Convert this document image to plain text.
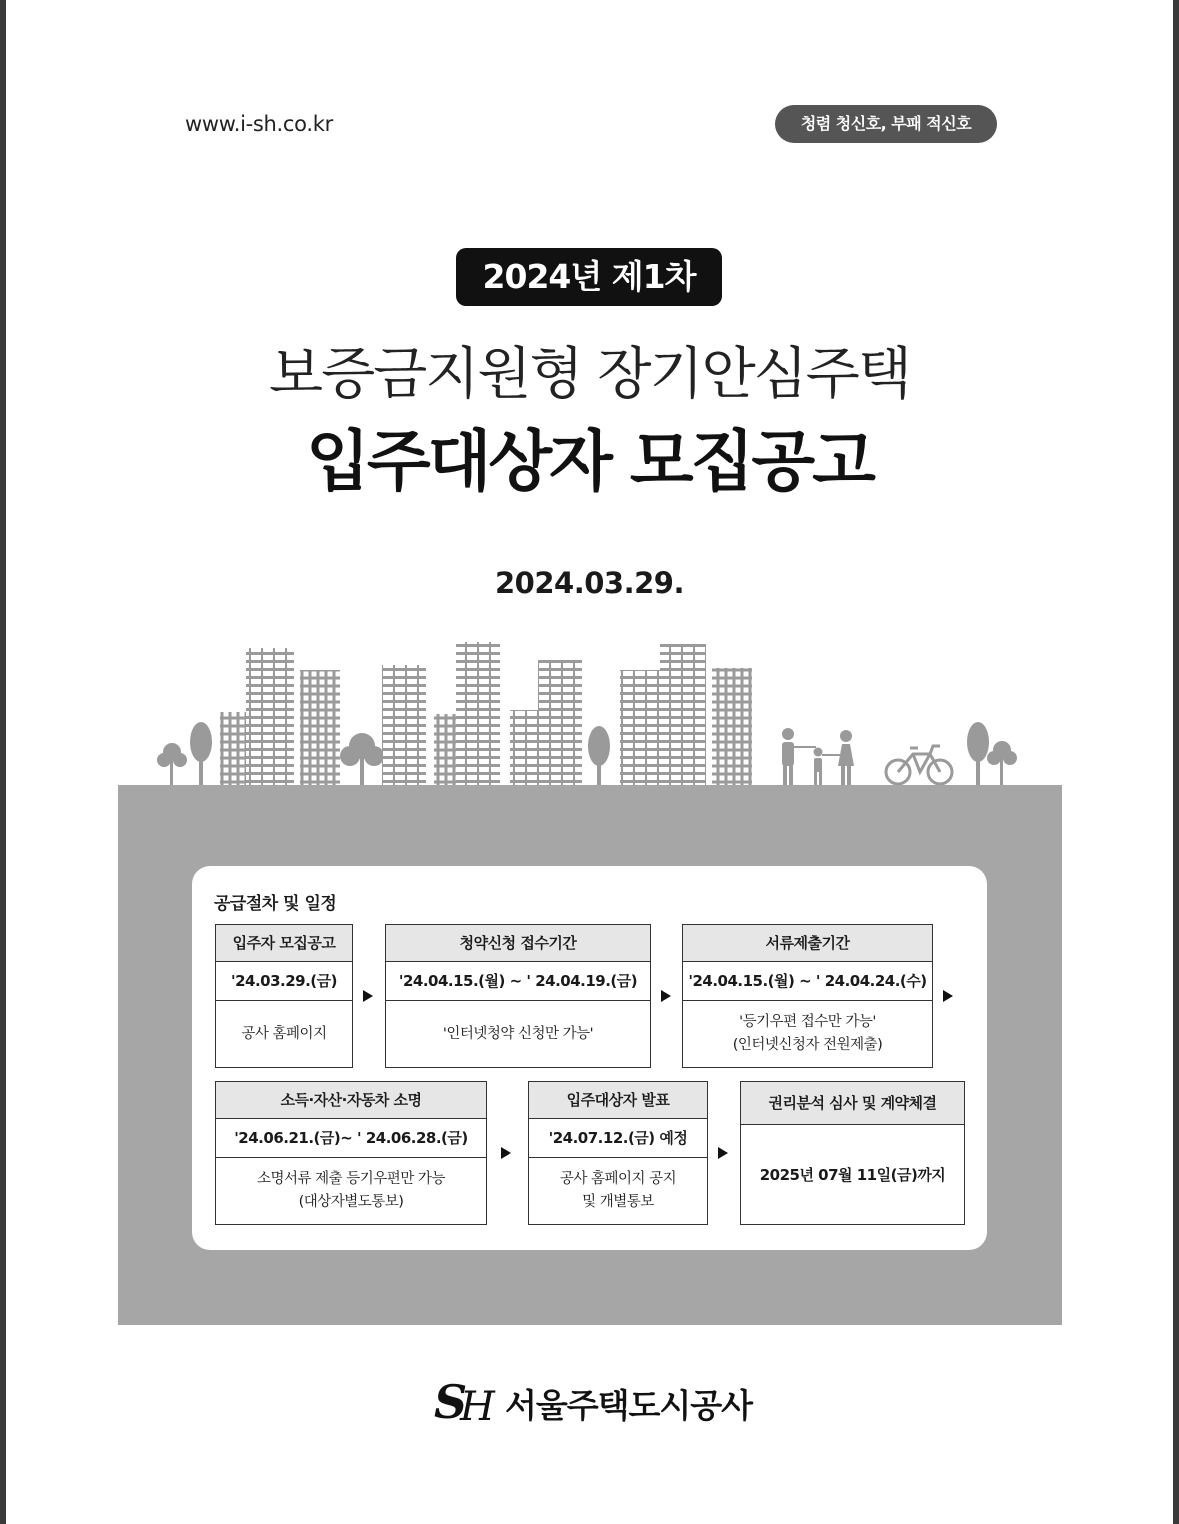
www.i-sh.co.kr	청렴 청신호, 부패 적신호
2024년 제1차
보증금지원형 장기안심주택
입주대상자 모집공고
2024.03.29.
공급절차 및 일정
입주자 모집공고
'24.03.29.(금)
공사 홈페이지
청약신청 접수기간
'24.04.15.(월) ~ ' 24.04.19.(금)
'인터넷청약 신청만 가능'
서류제출기간
'24.04.15.(월) ~ ' 24.04.24.(수)
'등기우편 접수만 가능'
(인터넷신청자 전원제출)
소득·자산·자동차 소명
'24.06.21.(금)~ ' 24.06.28.(금)
소명서류 제출 등기우편만 가능
(대상자별도통보)
입주대상자 발표
'24.07.12.(금) 예정
공사 홈페이지 공지
및 개별통보
권리분석 심사 및 계약체결
2025년 07월 11일(금)까지
S
H 서울주택도시공사
